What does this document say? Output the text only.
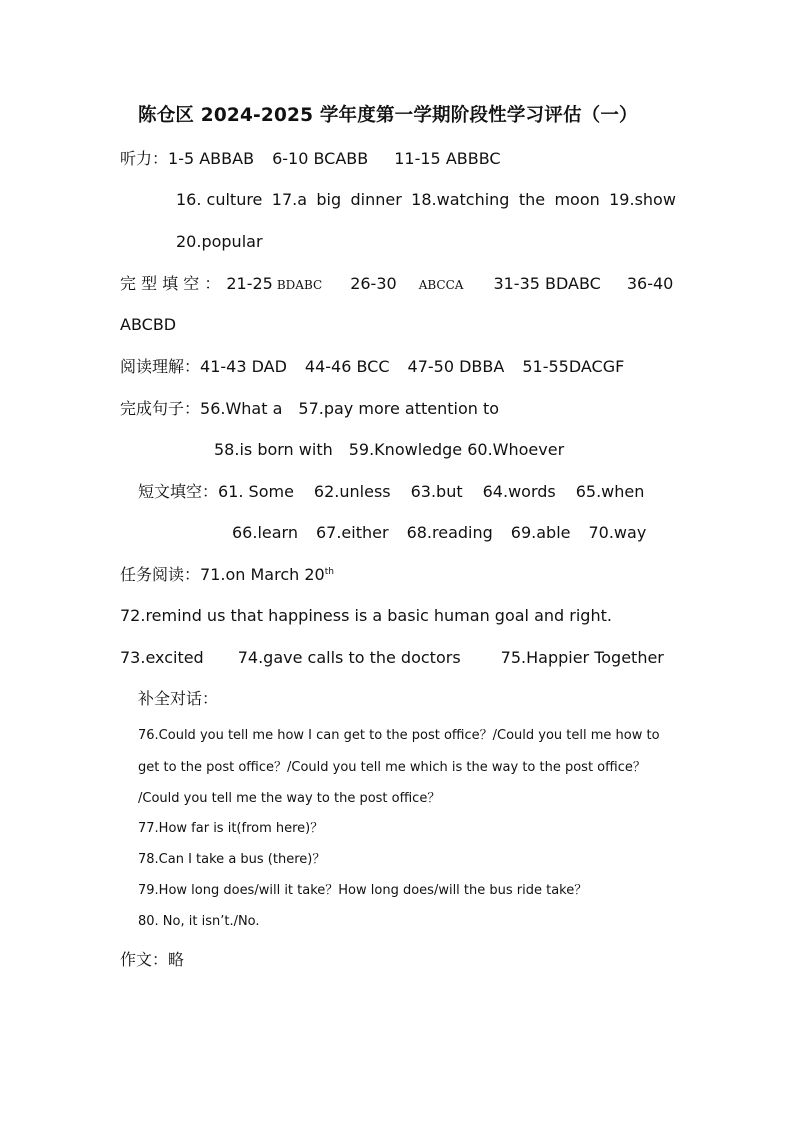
陈仓区 2024-2025 学年度第一学期阶段性学习评估（一）
听力：1-5 ABBAB 6-10 BCABB 11-15 ABBBC
16. culture 17.a big dinner 18.watching the moon 19.show
20.popular
完 型 填 空 ： 21-25 BDABC 26-30 ABCCA 31-35 BDABC 36-40
ABCBD
阅读理解：41-43 DAD 44-46 BCC 47-50 DBBA 51-55DACGF
完成句子：56.What a 57.pay more attention to
58.is born with 59.Knowledge 60.Whoever
短文填空：61. Some 62.unless 63.but 64.words 65.when
66.learn 67.either 68.reading 69.able 70.way
任务阅读：71.on March 20th
72.remind us that happiness is a basic human goal and right.
73.excited 74.gave calls to the doctors	75.Happier Together
补全对话：
76.Could you tell me how I can get to the post office？/Could you tell me how to
get to the post office？/Could you tell me which is the way to the post office？
/Could you tell me the way to the post office？
77.How far is it(from here)？
78.Can I take a bus (there)？
79.How long does/will it take？How long does/will the bus ride take？
80. No, it isn’t./No.
作文：略
